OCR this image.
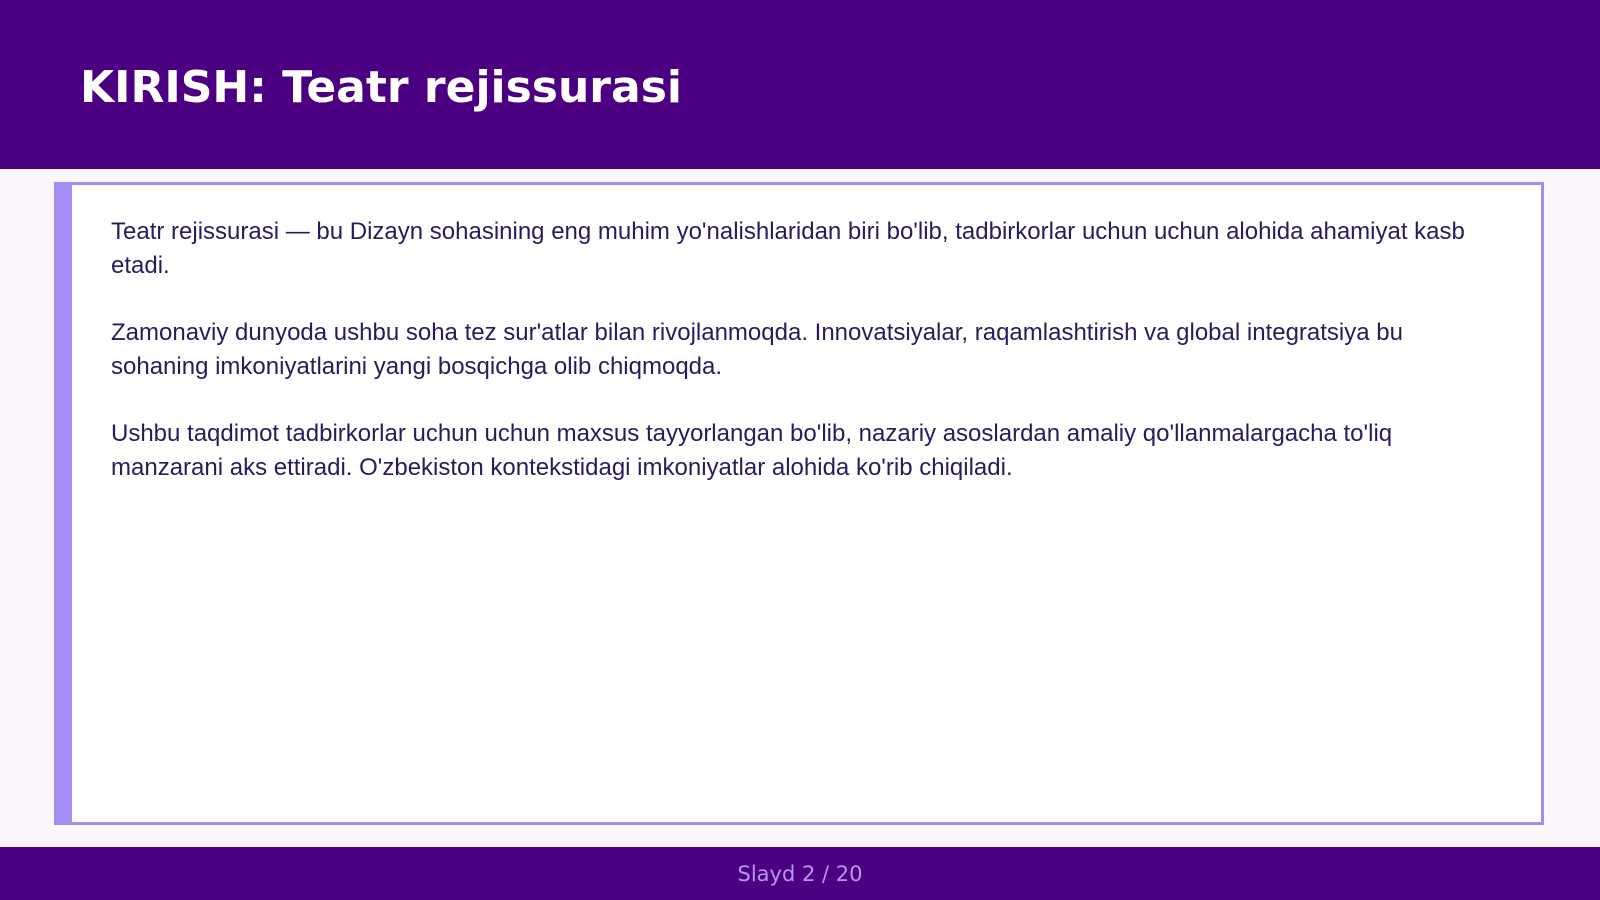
KIRISH: Teatr rejissurasi

Teatr rejissurasi — bu Dizayn sohasining eng muhim yo'nalishlaridan biri bo'lib, tadbirkorlar uchun uchun alohida ahamiyat kasb etadi.

Zamonaviy dunyoda ushbu soha tez sur'atlar bilan rivojlanmoqda. Innovatsiyalar, raqamlashtirish va global integratsiya bu sohaning imkoniyatlarini yangi bosqichga olib chiqmoqda.

Ushbu taqdimot tadbirkorlar uchun uchun maxsus tayyorlangan bo'lib, nazariy asoslardan amaliy qo'llanmalargacha to'liq manzarani aks ettiradi. O'zbekiston kontekstidagi imkoniyatlar alohida ko'rib chiqiladi.

Slayd 2 / 20
